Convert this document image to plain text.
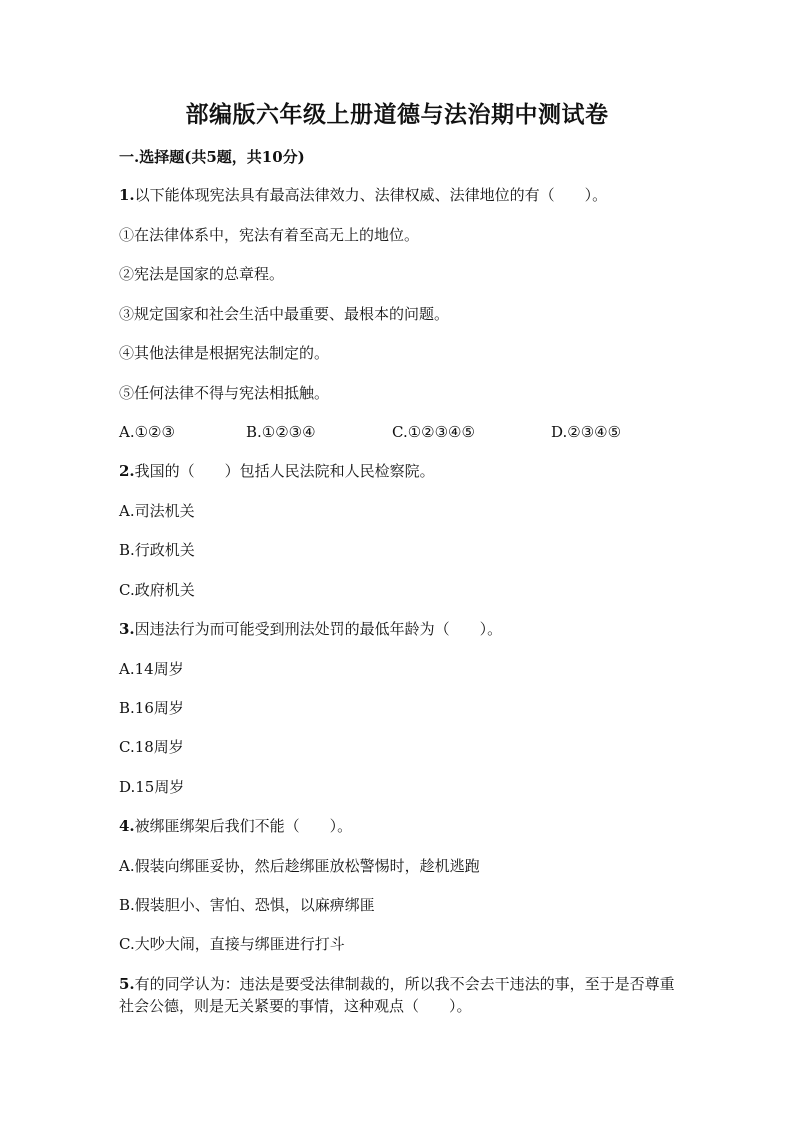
部编版六年级上册道德与法治期中测试卷
一.选择题(共5题，共10分)
1.以下能体现宪法具有最高法律效力、法律权威、法律地位的有（　　）。
①在法律体系中，宪法有着至高无上的地位。
②宪法是国家的总章程。
③规定国家和社会生活中最重要、最根本的问题。
④其他法律是根据宪法制定的。
⑤任何法律不得与宪法相抵触。
A.①②③	B.①②③④	C.①②③④⑤	D.②③④⑤
2.我国的（　　）包括人民法院和人民检察院。
A.司法机关
B.行政机关
C.政府机关
3.因违法行为而可能受到刑法处罚的最低年龄为（　　）。
A.14周岁
B.16周岁
C.18周岁
D.15周岁
4.被绑匪绑架后我们不能（　　）。
A.假装向绑匪妥协，然后趁绑匪放松警惕时，趁机逃跑
B.假装胆小、害怕、恐惧，以麻痹绑匪
C.大吵大闹，直接与绑匪进行打斗
5.有的同学认为：违法是要受法律制裁的，所以我不会去干违法的事，至于是否尊重社会公德，则是无关紧要的事情，这种观点（　　）。
